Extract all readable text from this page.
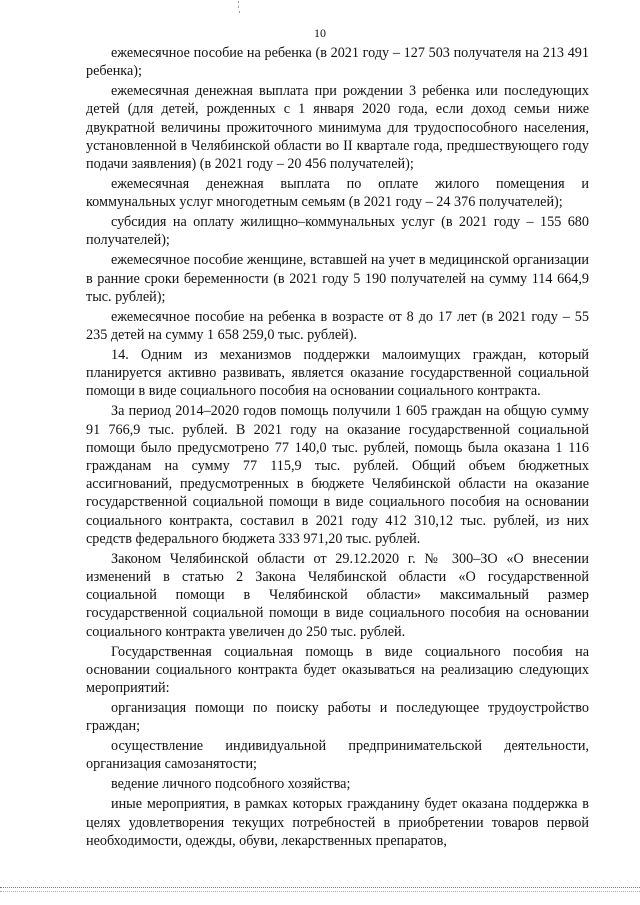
10

ежемесячное пособие на ребенка (в 2021 году – 127 503 получателя на 213 491 ребенка);

ежемесячная денежная выплата при рождении 3 ребенка или последующих детей (для детей, рожденных с 1 января 2020 года, если доход семьи ниже двукратной величины прожиточного минимума для трудоспособного населения, установленной в Челябинской области во II квартале года, предшествующего году подачи заявления) (в 2021 году – 20 456 получателей);

ежемесячная денежная выплата по оплате жилого помещения и коммунальных услуг многодетным семьям (в 2021 году – 24 376 получателей);

субсидия на оплату жилищно–коммунальных услуг (в 2021 году – 155 680 получателей);

ежемесячное пособие женщине, вставшей на учет в медицинской организации в ранние сроки беременности (в 2021 году 5 190 получателей на сумму 114 664,9 тыс. рублей);

ежемесячное пособие на ребенка в возрасте от 8 до 17 лет (в 2021 году – 55 235 детей на сумму 1 658 259,0 тыс. рублей).

14. Одним из механизмов поддержки малоимущих граждан, который планируется активно развивать, является оказание государственной социальной помощи в виде социального пособия на основании социального контракта.

За период 2014–2020 годов помощь получили 1 605 граждан на общую сумму 91 766,9 тыс. рублей. В 2021 году на оказание государственной социальной помощи было предусмотрено 77 140,0 тыс. рублей, помощь была оказана 1 116 гражданам на сумму 77 115,9 тыс. рублей. Общий объем бюджетных ассигнований, предусмотренных в бюджете Челябинской области на оказание государственной социальной помощи в виде социального пособия на основании социального контракта, составил в 2021 году 412 310,12 тыс. рублей, из них средств федерального бюджета 333 971,20 тыс. рублей.

Законом Челябинской области от 29.12.2020 г. № 300–ЗО «О внесении изменений в статью 2 Закона Челябинской области «О государственной социальной помощи в Челябинской области» максимальный размер государственной социальной помощи в виде социального пособия на основании социального контракта увеличен до 250 тыс. рублей.

Государственная социальная помощь в виде социального пособия на основании социального контракта будет оказываться на реализацию следующих мероприятий:

организация помощи по поиску работы и последующее трудоустройство граждан;

осуществление индивидуальной предпринимательской деятельности, организация самозанятости;

ведение личного подсобного хозяйства;

иные мероприятия, в рамках которых гражданину будет оказана поддержка в целях удовлетворения текущих потребностей в приобретении товаров первой необходимости, одежды, обуви, лекарственных препаратов,
